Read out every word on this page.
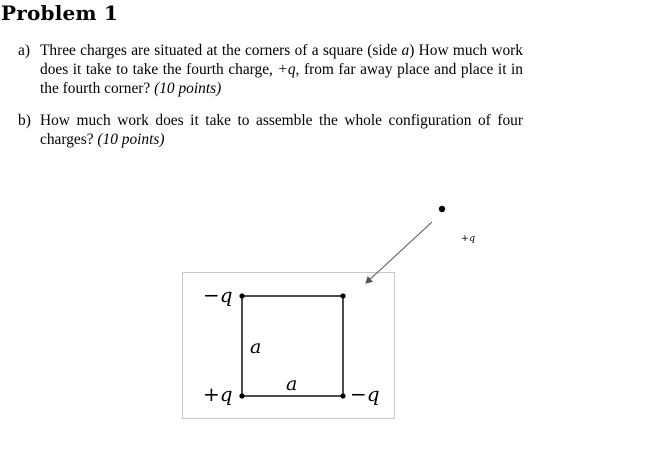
Problem 1
a) Three charges are situated at the corners of a square (side a) How much work does it take to take the fourth charge, +q, from far away place and place it in the fourth corner? (10 points)
b) How much work does it take to assemble the whole configuration of four charges? (10 points)
+q
−q
+q	−q
a
a
